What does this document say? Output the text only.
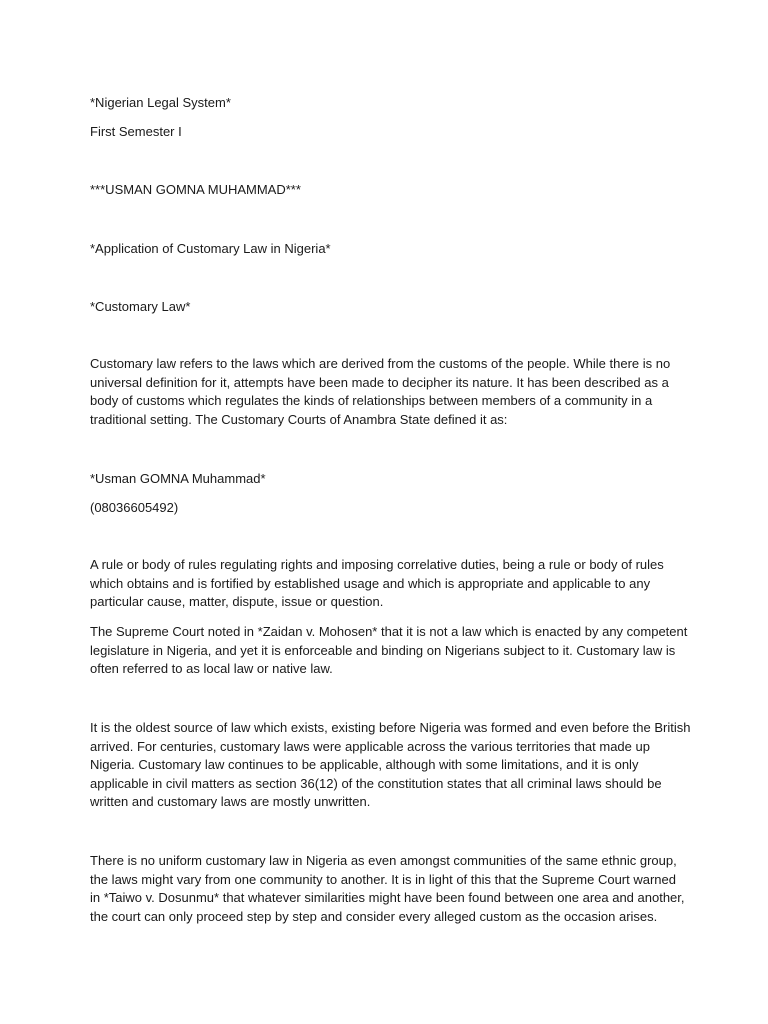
*Nigerian Legal System*

First Semester I

***USMAN GOMNA MUHAMMAD***

*Application of Customary Law in Nigeria*

*Customary Law*

Customary law refers to the laws which are derived from the customs of the people. While there is no
universal definition for it, attempts have been made to decipher its nature. It has been described as a
body of customs which regulates the kinds of relationships between members of a community in a
traditional setting. The Customary Courts of Anambra State defined it as:

*Usman GOMNA Muhammad*

(08036605492)

A rule or body of rules regulating rights and imposing correlative duties, being a rule or body of rules
which obtains and is fortified by established usage and which is appropriate and applicable to any
particular cause, matter, dispute, issue or question.

The Supreme Court noted in *Zaidan v. Mohosen* that it is not a law which is enacted by any competent
legislature in Nigeria, and yet it is enforceable and binding on Nigerians subject to it. Customary law is
often referred to as local law or native law.

It is the oldest source of law which exists, existing before Nigeria was formed and even before the British
arrived. For centuries, customary laws were applicable across the various territories that made up
Nigeria. Customary law continues to be applicable, although with some limitations, and it is only
applicable in civil matters as section 36(12) of the constitution states that all criminal laws should be
written and customary laws are mostly unwritten.

There is no uniform customary law in Nigeria as even amongst communities of the same ethnic group,
the laws might vary from one community to another. It is in light of this that the Supreme Court warned
in *Taiwo v. Dosunmu* that whatever similarities might have been found between one area and another,
the court can only proceed step by step and consider every alleged custom as the occasion arises.
